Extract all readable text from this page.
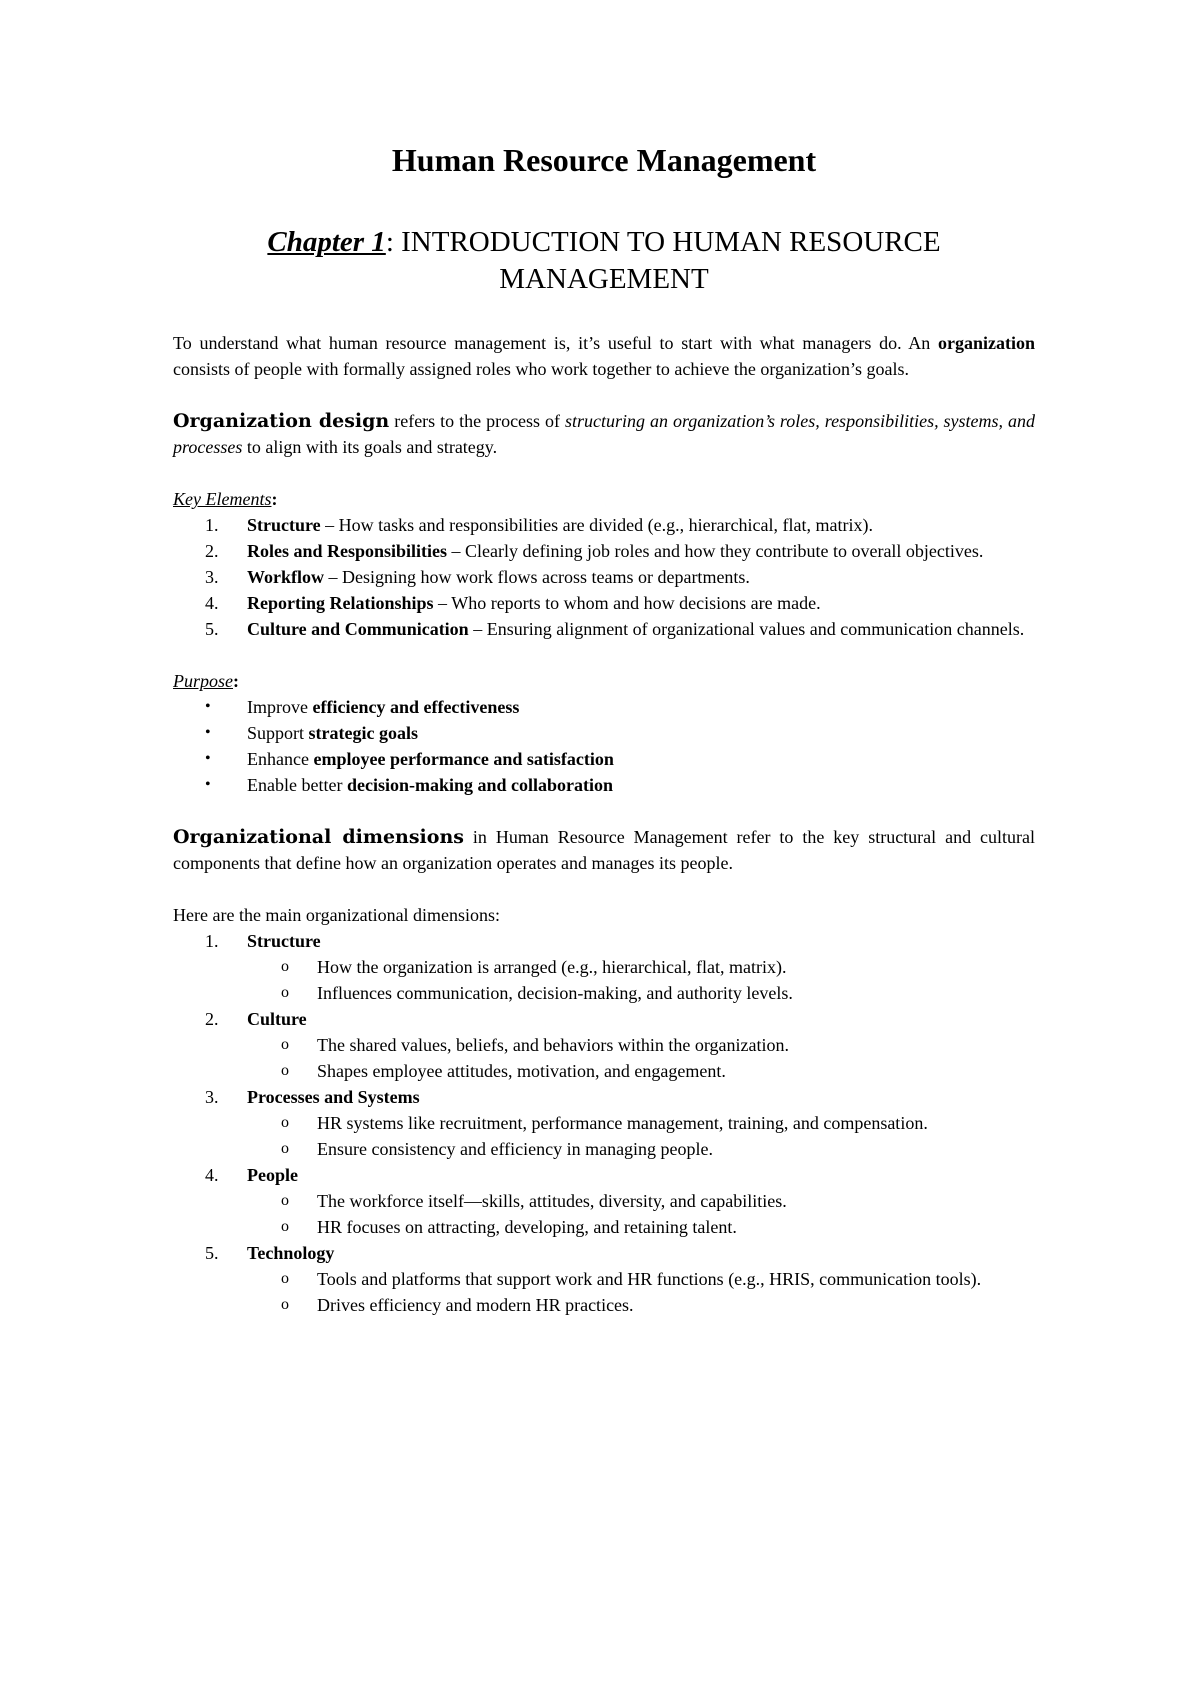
Human Resource Management
Chapter 1: INTRODUCTION TO HUMAN RESOURCE
MANAGEMENT

To understand what human resource management is, it’s useful to start with what managers do. An organization consists of people with formally assigned roles who work together to achieve the organization’s goals.

Organization design refers to the process of structuring an organization’s roles, responsibilities, systems, and processes to align with its goals and strategy.

Key Elements:

1. Structure – How tasks and responsibilities are divided (e.g., hierarchical, flat, matrix).
2. Roles and Responsibilities – Clearly defining job roles and how they contribute to overall objectives.
3. Workflow – Designing how work flows across teams or departments.
4. Reporting Relationships – Who reports to whom and how decisions are made.
5. Culture and Communication – Ensuring alignment of organizational values and communication channels.

Purpose:

• Improve efficiency and effectiveness
• Support strategic goals
• Enhance employee performance and satisfaction
• Enable better decision-making and collaboration

Organizational dimensions in Human Resource Management refer to the key structural and cultural components that define how an organization operates and manages its people.

Here are the main organizational dimensions:

1. Structure
o How the organization is arranged (e.g., hierarchical, flat, matrix).
o Influences communication, decision-making, and authority levels.
2. Culture
o The shared values, beliefs, and behaviors within the organization.
o Shapes employee attitudes, motivation, and engagement.
3. Processes and Systems
o HR systems like recruitment, performance management, training, and compensation.
o Ensure consistency and efficiency in managing people.
4. People
o The workforce itself—skills, attitudes, diversity, and capabilities.
o HR focuses on attracting, developing, and retaining talent.
5. Technology
o Tools and platforms that support work and HR functions (e.g., HRIS, communication tools).
o Drives efficiency and modern HR practices.
